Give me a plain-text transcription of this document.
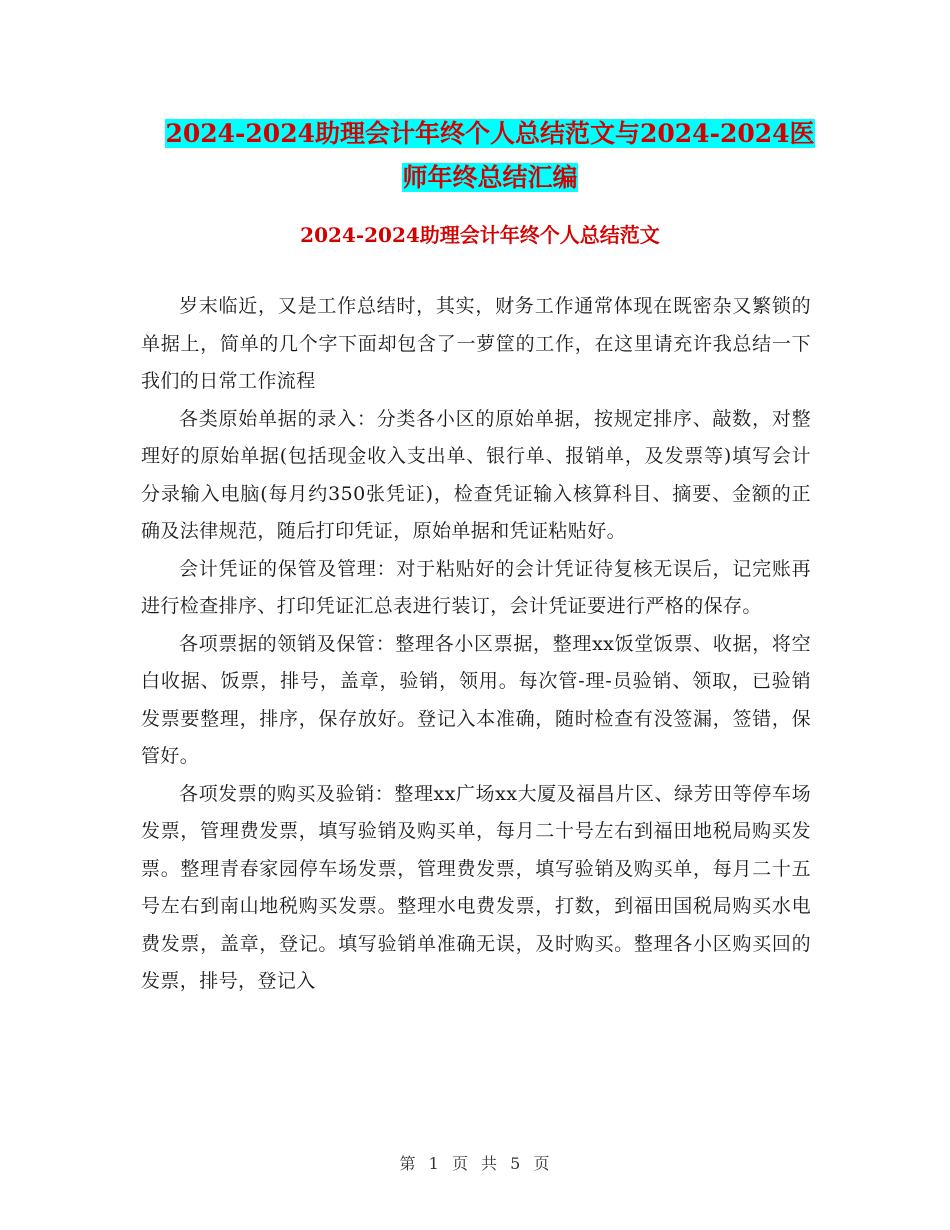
2024-2024助理会计年终个人总结范文与2024-2024医
师年终总结汇编
2024-2024助理会计年终个人总结范文

岁末临近，又是工作总结时，其实，财务工作通常体现在既密杂又繁锁的单据上，简单的几个字下面却包含了一萝筐的工作，在这里请充许我总结一下我们的日常工作流程

各类原始单据的录入：分类各小区的原始单据，按规定排序、敲数，对整理好的原始单据(包括现金收入支出单、银行单、报销单，及发票等)填写会计分录输入电脑(每月约350张凭证)，检查凭证输入核算科目、摘要、金额的正确及法律规范，随后打印凭证，原始单据和凭证粘贴好。

会计凭证的保管及管理：对于粘贴好的会计凭证待复核无误后，记完账再进行检查排序、打印凭证汇总表进行装订，会计凭证要进行严格的保存。

各项票据的领销及保管：整理各小区票据，整理xx饭堂饭票、收据，将空白收据、饭票，排号，盖章，验销，领用。每次管-理-员验销、领取，已验销发票要整理，排序，保存放好。登记入本准确，随时检查有没签漏，签错，保管好。

各项发票的购买及验销：整理xx广场xx大厦及福昌片区、绿芳田等停车场发票，管理费发票，填写验销及购买单，每月二十号左右到福田地税局购买发票。整理青春家园停车场发票，管理费发票，填写验销及购买单，每月二十五号左右到南山地税购买发票。整理水电费发票，打数，到福田国税局购买水电费发票，盖章，登记。填写验销单准确无误，及时购买。整理各小区购买回的发票，排号，登记入

第 1 页 共 5 页
